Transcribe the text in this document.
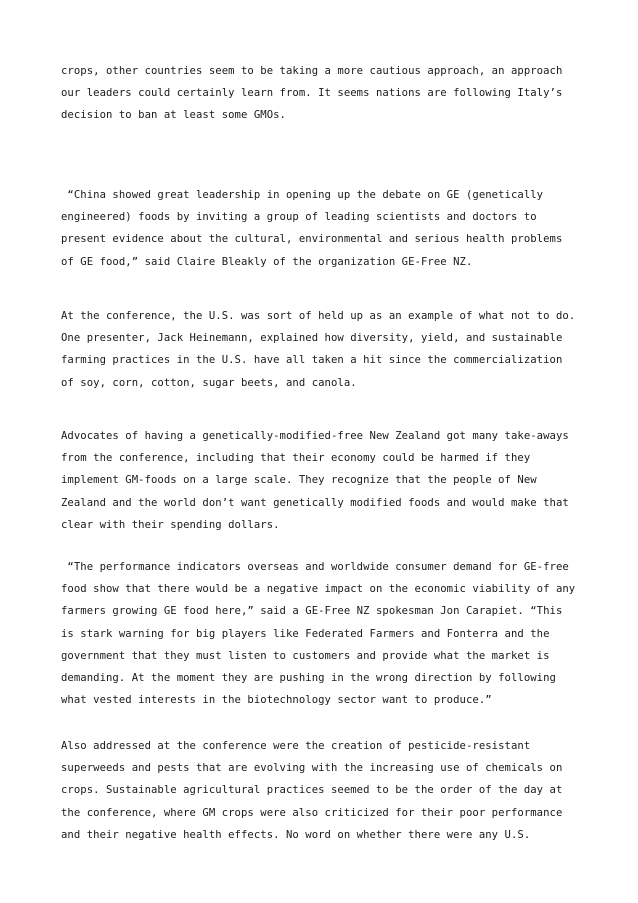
crops, other countries seem to be taking a more cautious approach, an approach
our leaders could certainly learn from. It seems nations are following Italy’s
decision to ban at least some GMOs.

“China showed great leadership in opening up the debate on GE (genetically
engineered) foods by inviting a group of leading scientists and doctors to
present evidence about the cultural, environmental and serious health problems
of GE food,” said Claire Bleakly of the organization GE-Free NZ.

At the conference, the U.S. was sort of held up as an example of what not to do.
One presenter, Jack Heinemann, explained how diversity, yield, and sustainable
farming practices in the U.S. have all taken a hit since the commercialization
of soy, corn, cotton, sugar beets, and canola.

Advocates of having a genetically-modified-free New Zealand got many take-aways
from the conference, including that their economy could be harmed if they
implement GM-foods on a large scale. They recognize that the people of New
Zealand and the world don’t want genetically modified foods and would make that
clear with their spending dollars.

“The performance indicators overseas and worldwide consumer demand for GE-free
food show that there would be a negative impact on the economic viability of any
farmers growing GE food here,” said a GE-Free NZ spokesman Jon Carapiet. “This
is stark warning for big players like Federated Farmers and Fonterra and the
government that they must listen to customers and provide what the market is
demanding. At the moment they are pushing in the wrong direction by following
what vested interests in the biotechnology sector want to produce.”

Also addressed at the conference were the creation of pesticide-resistant
superweeds and pests that are evolving with the increasing use of chemicals on
crops. Sustainable agricultural practices seemed to be the order of the day at
the conference, where GM crops were also criticized for their poor performance
and their negative health effects. No word on whether there were any U.S.
